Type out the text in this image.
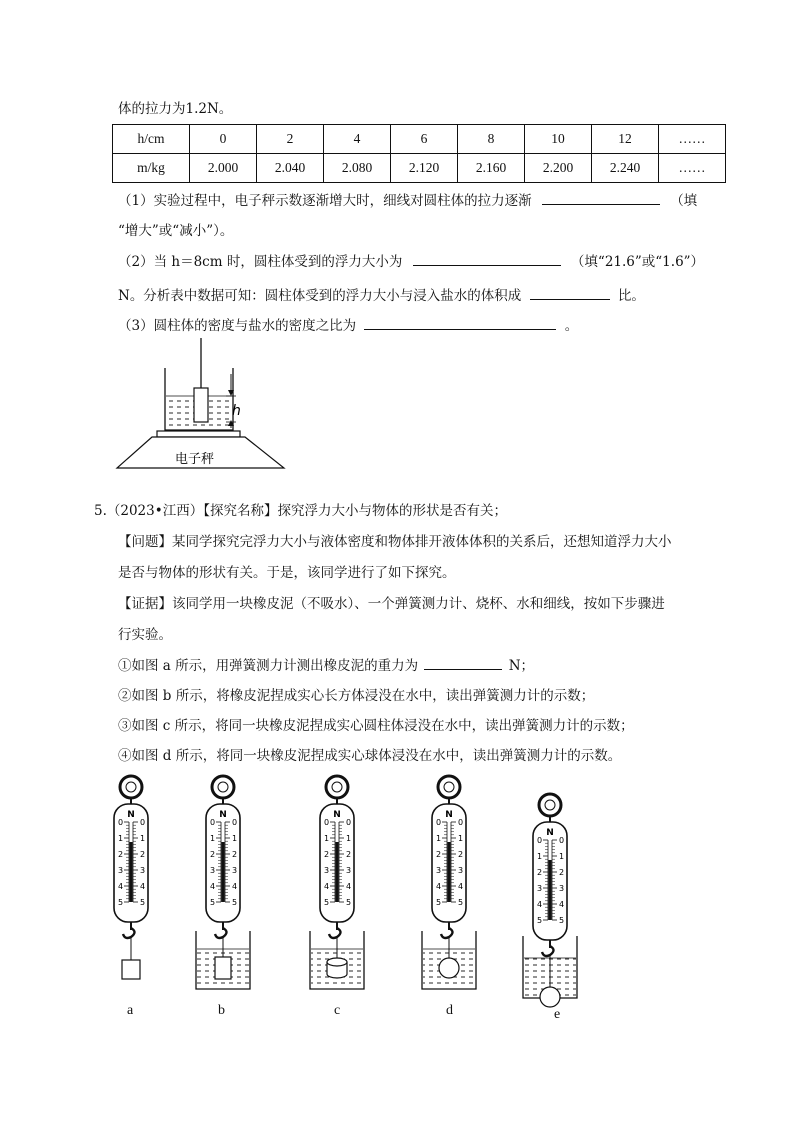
体的拉力为1.2N。
h/cm	0	2	4	6	8	10	12	……
m/kg	2.000	2.040	2.080	2.120	2.160	2.200	2.240	……
（1）实验过程中，电子秤示数逐渐增大时，细线对圆柱体的拉力逐渐	（填
“增大”或“减小”）。
（2）当 h＝8cm 时，圆柱体受到的浮力大小为	（填“21.6”或“1.6”）
N。分析表中数据可知：圆柱体受到的浮力大小与浸入盐水的体积成	比。
（3）圆柱体的密度与盐水的密度之比为	。
h
电子秤
5.（2023•江西）【探究名称】探究浮力大小与物体的形状是否有关；
【问题】某同学探究完浮力大小与液体密度和物体排开液体体积的关系后，还想知道浮力大小
是否与物体的形状有关。于是，该同学进行了如下探究。
【证据】该同学用一块橡皮泥（不吸水）、一个弹簧测力计、烧杯、水和细线，按如下步骤进
行实验。
①如图 a 所示，用弹簧测力计测出橡皮泥的重力为	N；
②如图 b 所示，将橡皮泥捏成实心长方体浸没在水中，读出弹簧测力计的示数；
③如图 c 所示，将同一块橡皮泥捏成实心圆柱体浸没在水中，读出弹簧测力计的示数；
④如图 d 所示，将同一块橡皮泥捏成实心球体浸没在水中，读出弹簧测力计的示数。
N
0 0
1 1
2 2
3 3
4 4
5 5
N
0 0
1 1
2 2
3 3
4 4
5 5
N
0 0
1 1
2 2
3 3
4 4
5 5
N
0 0
1 1
2 2
3 3
4 4
5 5
N
0 0
1 1
2 2
3 3
4 4
5 5
a	b	c	d	e
